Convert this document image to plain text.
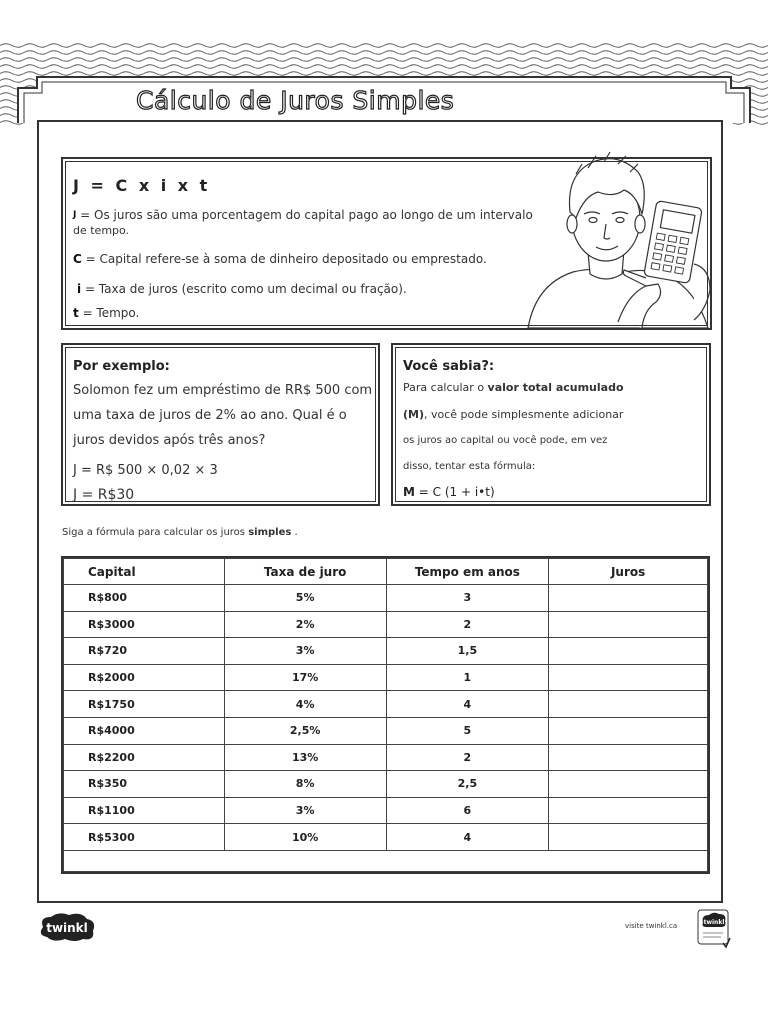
Cálculo de Juros Simples
J = C x i x t
$^J$ = Os juros são uma porcentagem do capital pago ao longo de um intervalo
de tempo.
C = Capital refere-se à soma de dinheiro depositado ou emprestado.
i = Taxa de juros (escrito como um decimal ou fração).
t = Tempo.
Por exemplo:
Solomon fez um empréstimo de RR$ 500 com
uma taxa de juros de 2% ao ano. Qual é o
juros devidos após três anos?
J = R$ 500 × 0,02 × 3
J = R$30
Você sabia?:
Para calcular o valor total acumulado
(M), você pode simplesmente adicionar
os juros ao capital ou você pode, em vez
disso, tentar esta fórmula:
M = C (1 + i•t)
Siga a fórmula para calcular os juros simples .
Capital	Taxa de juro	Tempo em anos	Juros
R$800	5%	3	
R$3000	2%	2	
R$720	3%	1,5	
R$2000	17%	1	
R$1750	4%	4	
R$4000	2,5%	5	
R$2200	13%	2	
R$350	8%	2,5	
R$1100	3%	6	
R$5300	10%	4	

twinkl	visite twinkl.ca	twinkl
